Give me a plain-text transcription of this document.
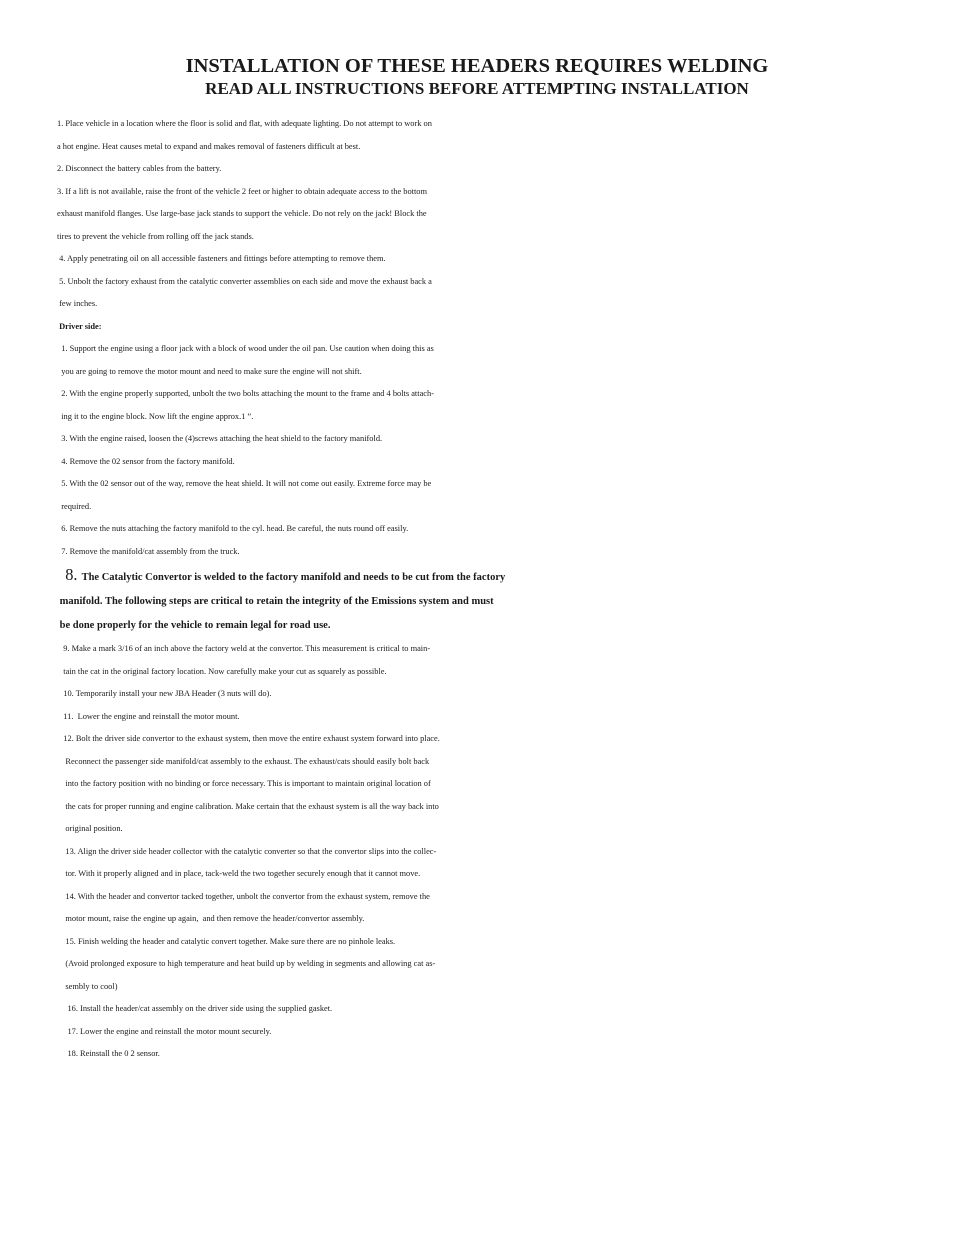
INSTALLATION OF THESE HEADERS REQUIRES WELDING
READ ALL INSTRUCTIONS BEFORE ATTEMPTING INSTALLATION
1. Place vehicle in a location where the floor is solid and flat, with adequate lighting. Do not attempt to work on
a hot engine. Heat causes metal to expand and makes removal of fasteners difficult at best.
2. Disconnect the battery cables from the battery.
3. If a lift is not available, raise the front of the vehicle 2 feet or higher to obtain adequate access to the bottom
exhaust manifold flanges. Use large-base jack stands to support the vehicle. Do not rely on the jack! Block the
tires to prevent the vehicle from rolling off the jack stands.
4. Apply penetrating oil on all accessible fasteners and fittings before attempting to remove them.
5. Unbolt the factory exhaust from the catalytic converter assemblies on each side and move the exhaust back a
few inches.
Driver side:
1. Support the engine using a floor jack with a block of wood under the oil pan. Use caution when doing this as
you are going to remove the motor mount and need to make sure the engine will not shift.
2. With the engine properly supported, unbolt the two bolts attaching the mount to the frame and 4 bolts attach-
ing it to the engine block. Now lift the engine approx.1 ”.
3. With the engine raised, loosen the (4)screws attaching the heat shield to the factory manifold.
4. Remove the 02 sensor from the factory manifold.
5. With the 02 sensor out of the way, remove the heat shield. It will not come out easily. Extreme force may be
required.
6. Remove the nuts attaching the factory manifold to the cyl. head. Be careful, the nuts round off easily.
7. Remove the manifold/cat assembly from the truck.
8. The Catalytic Convertor is welded to the factory manifold and needs to be cut from the factory
manifold. The following steps are critical to retain the integrity of the Emissions system and must
be done properly for the vehicle to remain legal for road use.
9. Make a mark 3/16 of an inch above the factory weld at the convertor. This measurement is critical to main-
tain the cat in the original factory location. Now carefully make your cut as squarely as possible.
10. Temporarily install your new JBA Header (3 nuts will do).
11.  Lower the engine and reinstall the motor mount.
12. Bolt the driver side convertor to the exhaust system, then move the entire exhaust system forward into place.
Reconnect the passenger side manifold/cat assembly to the exhaust. The exhaust/cats should easily bolt back
into the factory position with no binding or force necessary. This is important to maintain original location of
the cats for proper running and engine calibration. Make certain that the exhaust system is all the way back into
original position.
13. Align the driver side header collector with the catalytic converter so that the convertor slips into the collec-
tor. With it properly aligned and in place, tack-weld the two together securely enough that it cannot move.
14. With the header and convertor tacked together, unbolt the convertor from the exhaust system, remove the
motor mount, raise the engine up again,  and then remove the header/convertor assembly.
15. Finish welding the header and catalytic convert together. Make sure there are no pinhole leaks.
(Avoid prolonged exposure to high temperature and heat build up by welding in segments and allowing cat as-
sembly to cool)
16. Install the header/cat assembly on the driver side using the supplied gasket.
17. Lower the engine and reinstall the motor mount securely.
18. Reinstall the 0 2 sensor.
